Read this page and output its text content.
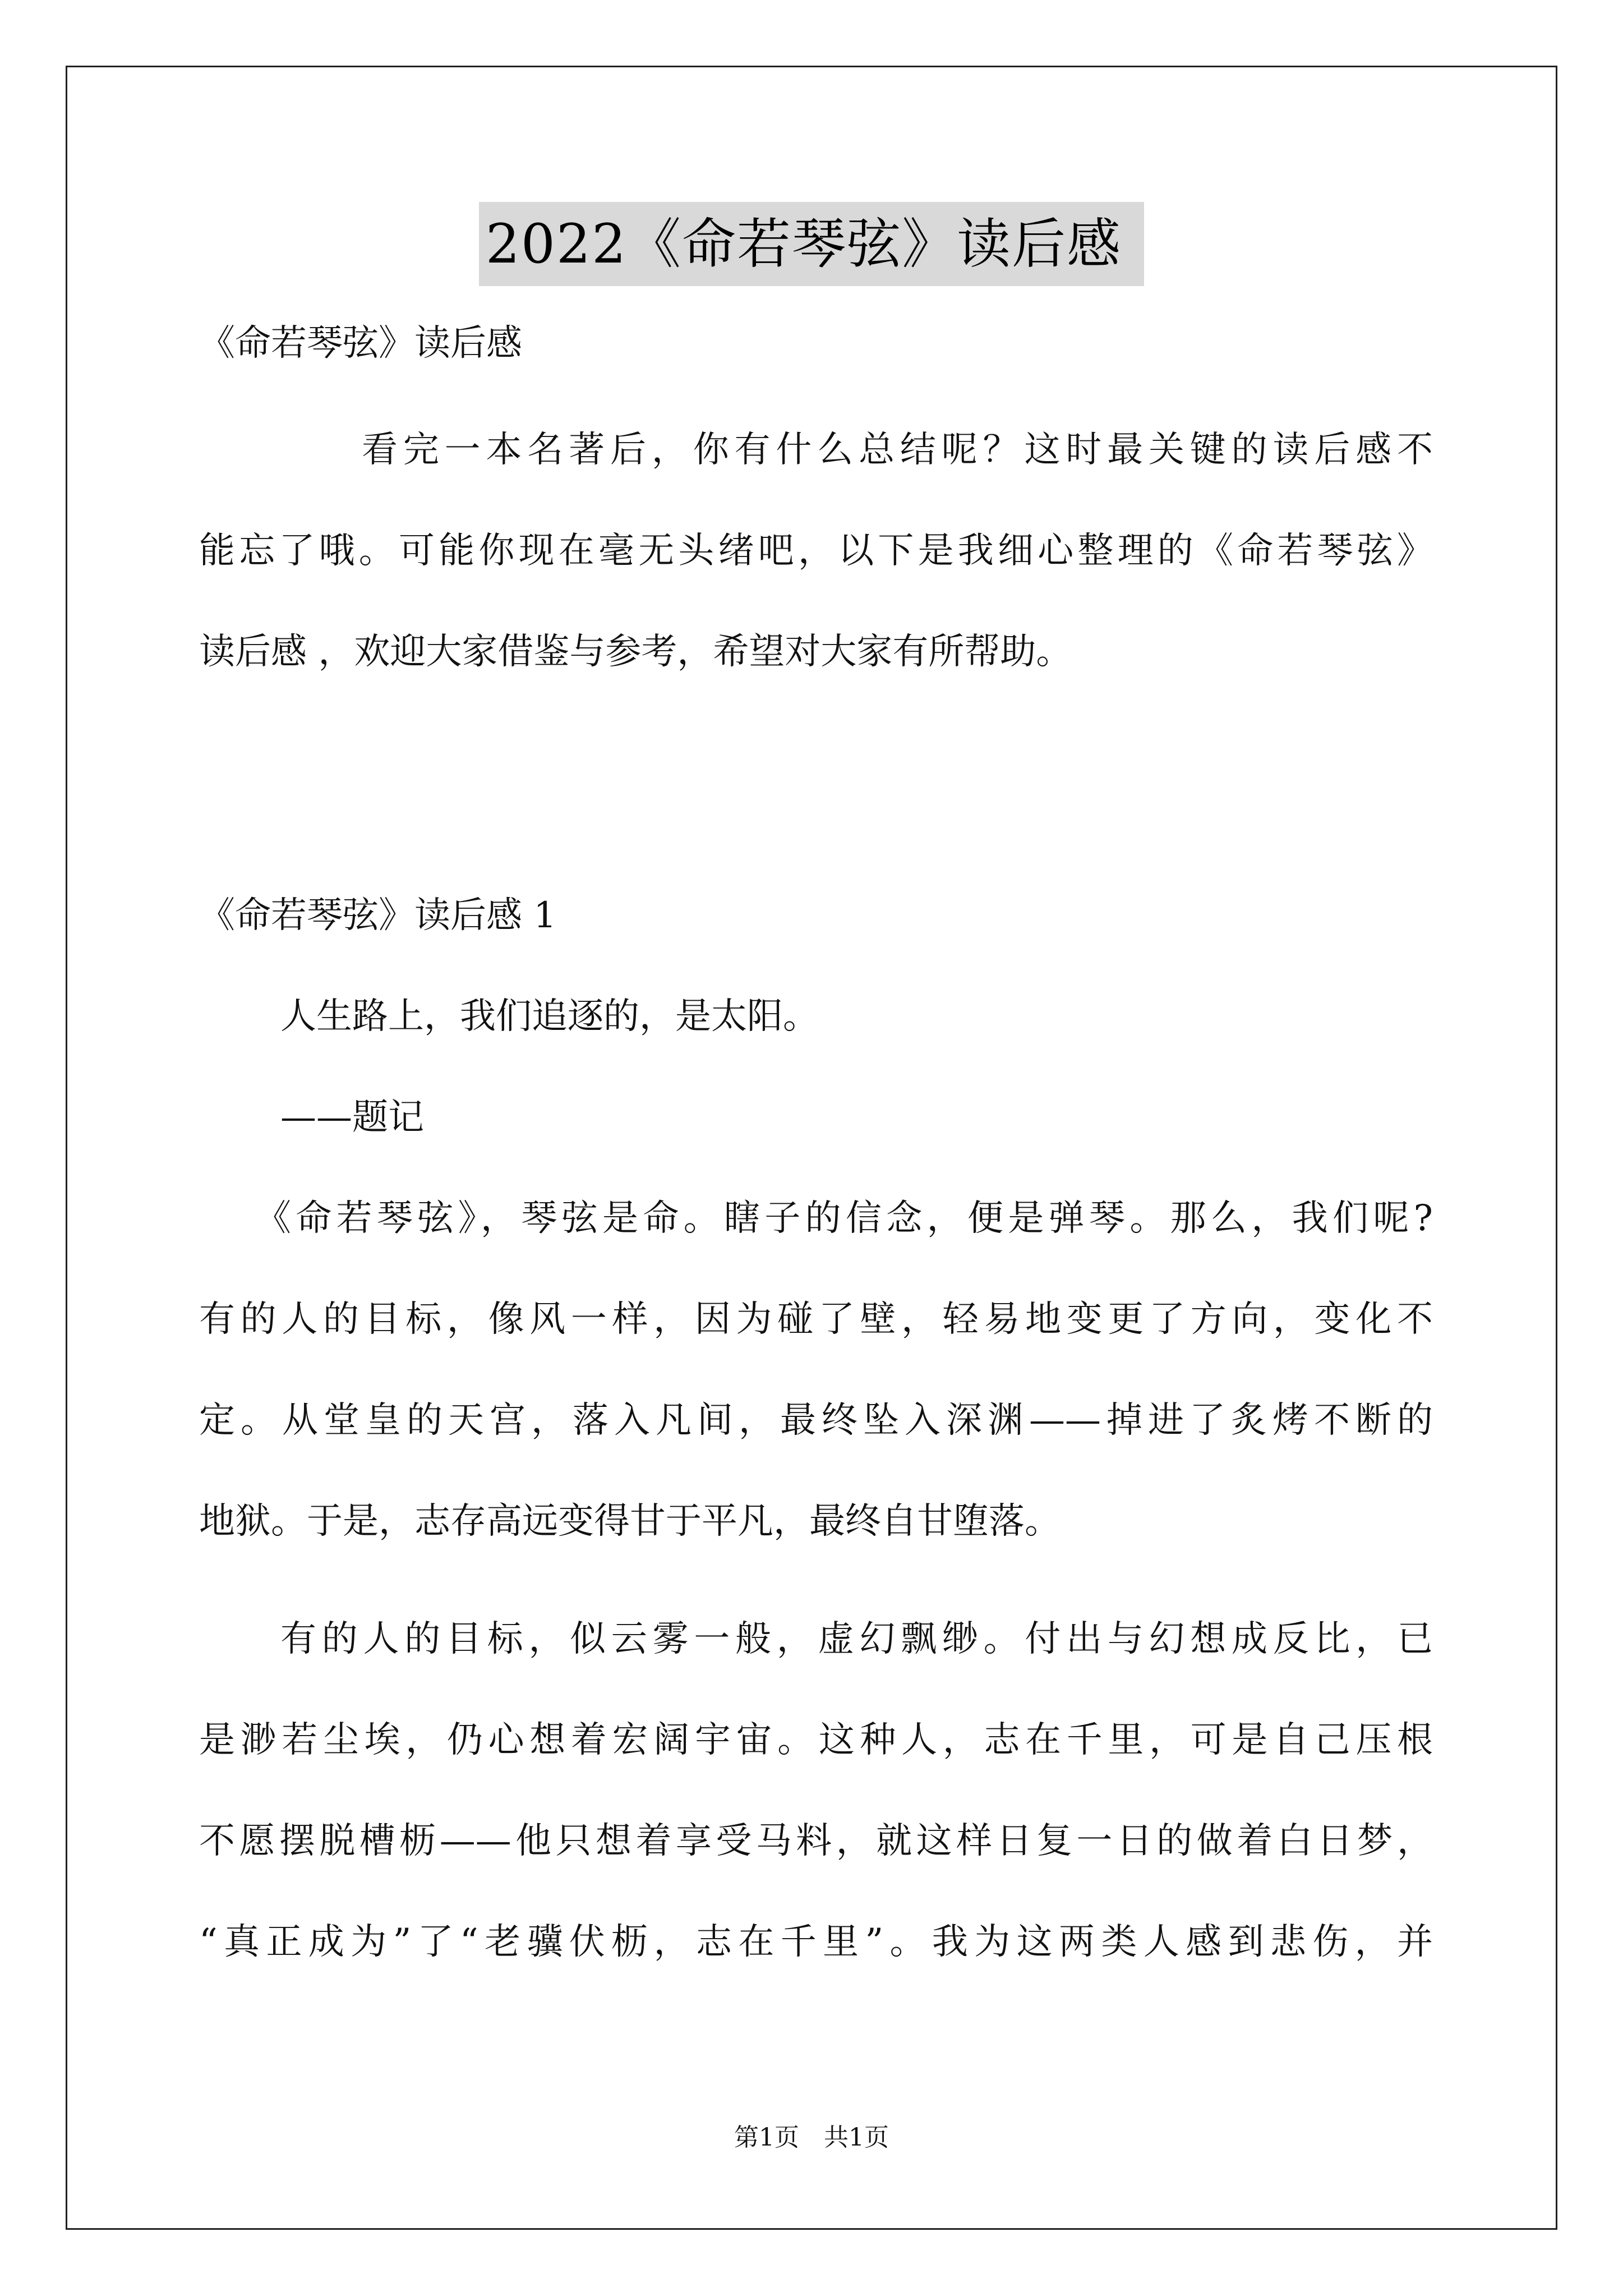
2022《命若琴弦》读后感
《命若琴弦》读后感
看完一本名著后，你有什么总结呢？这时最关键的读后感不
能忘了哦。可能你现在毫无头绪吧，以下是我细心整理的《命若琴弦》
读后感 ，欢迎大家借鉴与参考，希望对大家有所帮助。
《命若琴弦》读后感 1
人生路上，我们追逐的，是太阳。
——题记
《命若琴弦》，琴弦是命。瞎子的信念，便是弹琴。那么，我们呢?
有的人的目标，像风一样，因为碰了壁，轻易地变更了方向，变化不
定。从堂皇的天宫，落入凡间，最终坠入深渊——掉进了炙烤不断的
地狱。于是，志存高远变得甘于平凡，最终自甘堕落。
有的人的目标，似云雾一般，虚幻飘缈。付出与幻想成反比，已
是渺若尘埃，仍心想着宏阔宇宙。这种人，志在千里，可是自己压根
不愿摆脱槽枥——他只想着享受马料，就这样日复一日的做着白日梦，
“真正成为”了“老骥伏枥，志在千里”。我为这两类人感到悲伤，并
第1页　共1页
